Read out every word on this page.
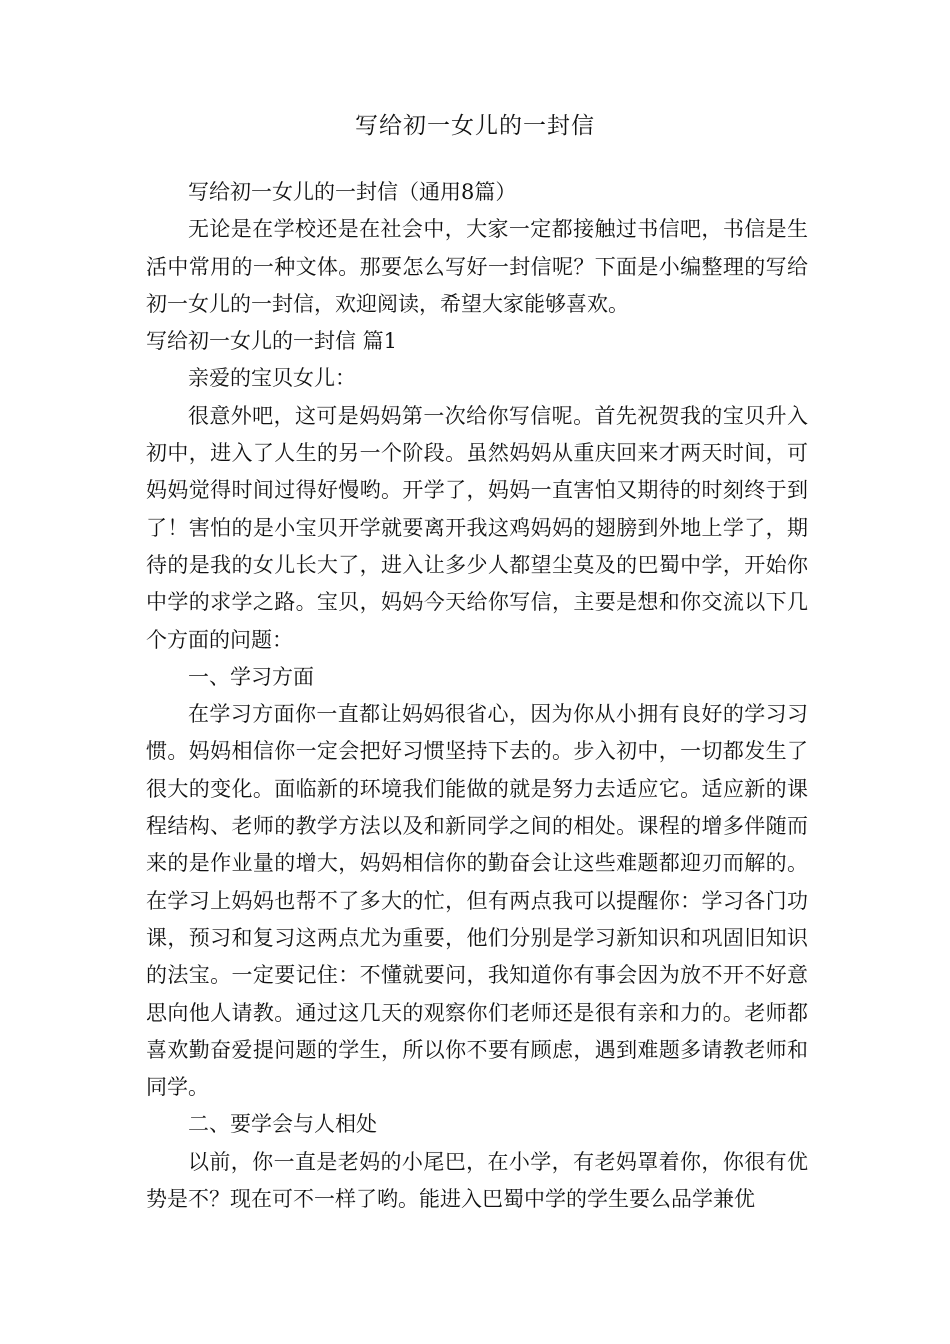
写给初一女儿的一封信

写给初一女儿的一封信（通用8篇）

无论是在学校还是在社会中，大家一定都接触过书信吧，书信是生活中常用的一种文体。那要怎么写好一封信呢？下面是小编整理的写给初一女儿的一封信，欢迎阅读，希望大家能够喜欢。

写给初一女儿的一封信 篇1

亲爱的宝贝女儿：

很意外吧，这可是妈妈第一次给你写信呢。首先祝贺我的宝贝升入初中，进入了人生的另一个阶段。虽然妈妈从重庆回来才两天时间，可妈妈觉得时间过得好慢哟。开学了，妈妈一直害怕又期待的时刻终于到了！害怕的是小宝贝开学就要离开我这鸡妈妈的翅膀到外地上学了，期待的是我的女儿长大了，进入让多少人都望尘莫及的巴蜀中学，开始你中学的求学之路。宝贝，妈妈今天给你写信，主要是想和你交流以下几个方面的问题：

一、学习方面

在学习方面你一直都让妈妈很省心，因为你从小拥有良好的学习习惯。妈妈相信你一定会把好习惯坚持下去的。步入初中，一切都发生了很大的变化。面临新的环境我们能做的就是努力去适应它。适应新的课程结构、老师的教学方法以及和新同学之间的相处。课程的增多伴随而来的是作业量的增大，妈妈相信你的勤奋会让这些难题都迎刃而解的。在学习上妈妈也帮不了多大的忙，但有两点我可以提醒你：学习各门功课，预习和复习这两点尤为重要，他们分别是学习新知识和巩固旧知识的法宝。一定要记住：不懂就要问，我知道你有事会因为放不开不好意思向他人请教。通过这几天的观察你们老师还是很有亲和力的。老师都喜欢勤奋爱提问题的学生，所以你不要有顾虑，遇到难题多请教老师和同学。

二、要学会与人相处

以前，你一直是老妈的小尾巴，在小学，有老妈罩着你，你很有优势是不？现在可不一样了哟。能进入巴蜀中学的学生要么品学兼优
